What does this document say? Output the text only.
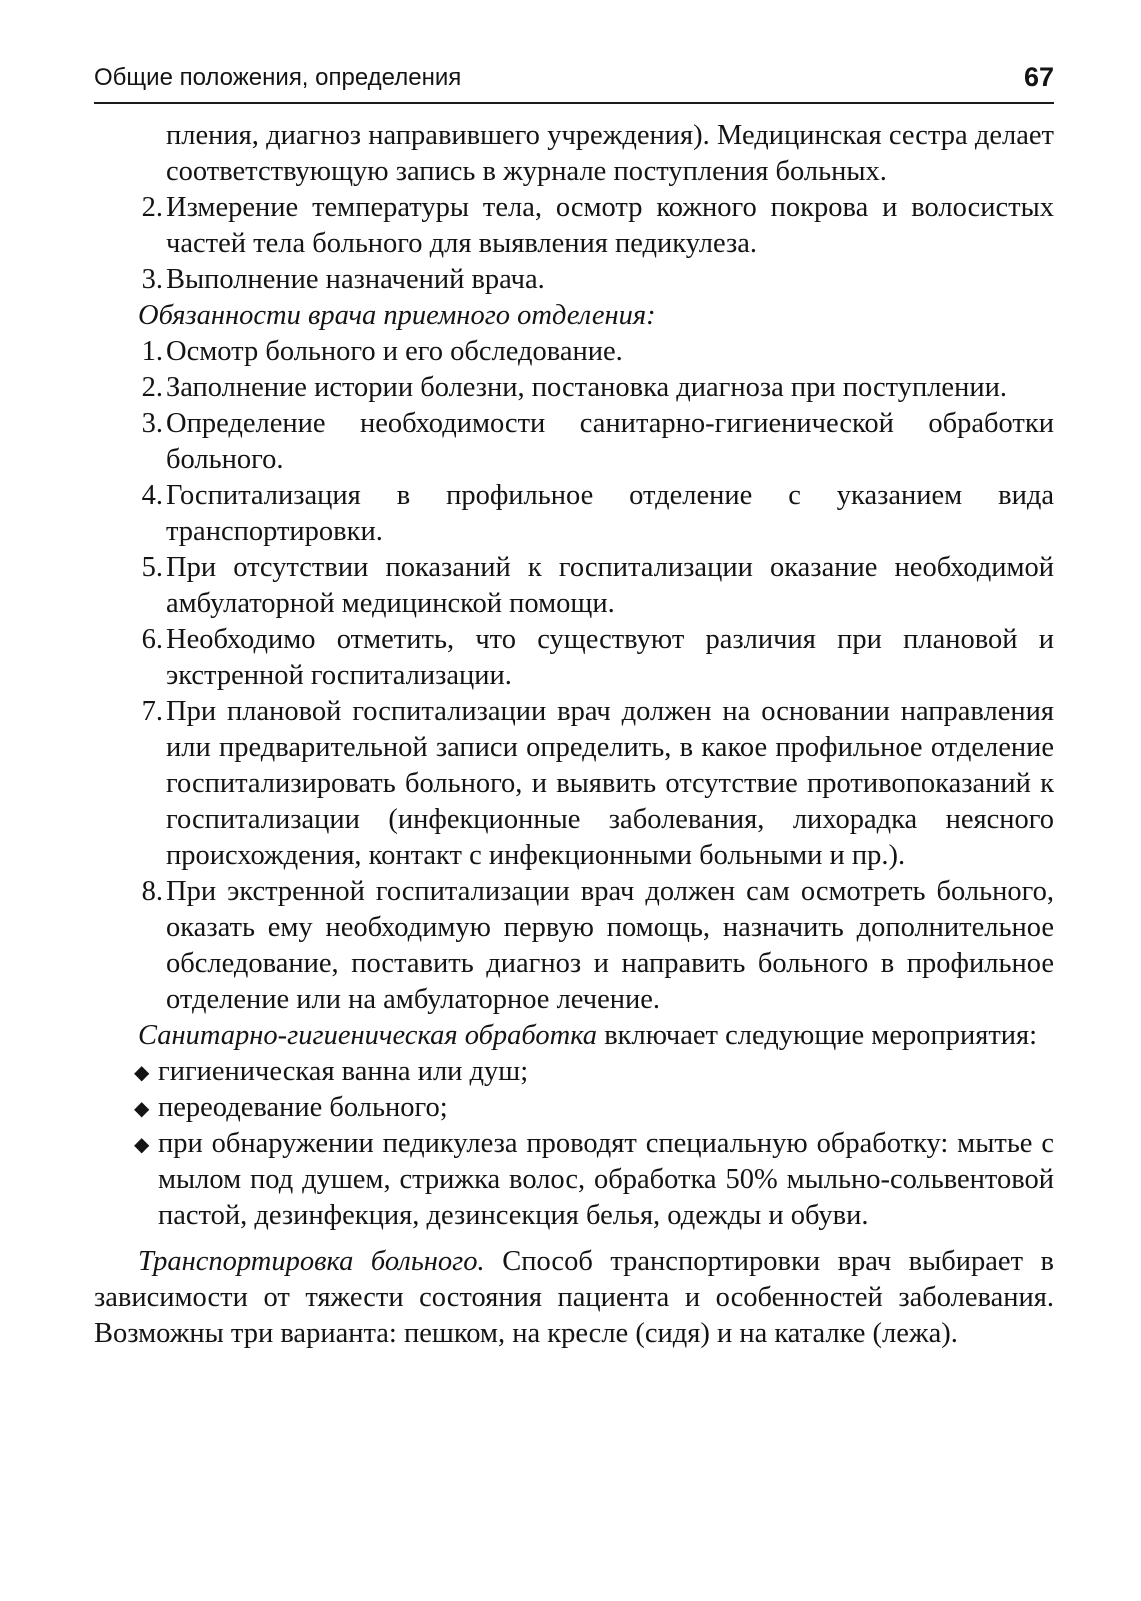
Общие положения, определения	67

пления, диагноз направившего учреждения). Медицинская сестра делает соответствующую запись в журнале поступления больных.

2. Измерение температуры тела, осмотр кожного покрова и волосистых частей тела больного для выявления педикулеза.
3. Выполнение назначений врача.

Обязанности врача приемного отделения:

1. Осмотр больного и его обследование.
2. Заполнение истории болезни, постановка диагноза при поступлении.
3. Определение необходимости санитарно-гигиенической обработки больного.
4. Госпитализация в профильное отделение с указанием вида транспортировки.
5. При отсутствии показаний к госпитализации оказание необходимой амбулаторной медицинской помощи.
6. Необходимо отметить, что существуют различия при плановой и экстренной госпитализации.
7. При плановой госпитализации врач должен на основании направления или предварительной записи определить, в какое профильное отделение госпитализировать больного, и выявить отсутствие противопоказаний к госпитализации (инфекционные заболевания, лихорадка неясного происхождения, контакт с инфекционными больными и пр.).
8. При экстренной госпитализации врач должен сам осмотреть больного, оказать ему необходимую первую помощь, назначить дополнительное обследование, поставить диагноз и направить больного в профильное отделение или на амбулаторное лечение.

Санитарно-гигиеническая обработка включает следующие мероприятия:

◆ гигиеническая ванна или душ;
◆ переодевание больного;
◆ при обнаружении педикулеза проводят специальную обработку: мытье с мылом под душем, стрижка волос, обработка 50% мыльно-сольвентовой пастой, дезинфекция, дезинсекция белья, одежды и обуви.

Транспортировка больного. Способ транспортировки врач выбирает в зависимости от тяжести состояния пациента и особенностей заболевания. Возможны три варианта: пешком, на кресле (сидя) и на каталке (лежа).
